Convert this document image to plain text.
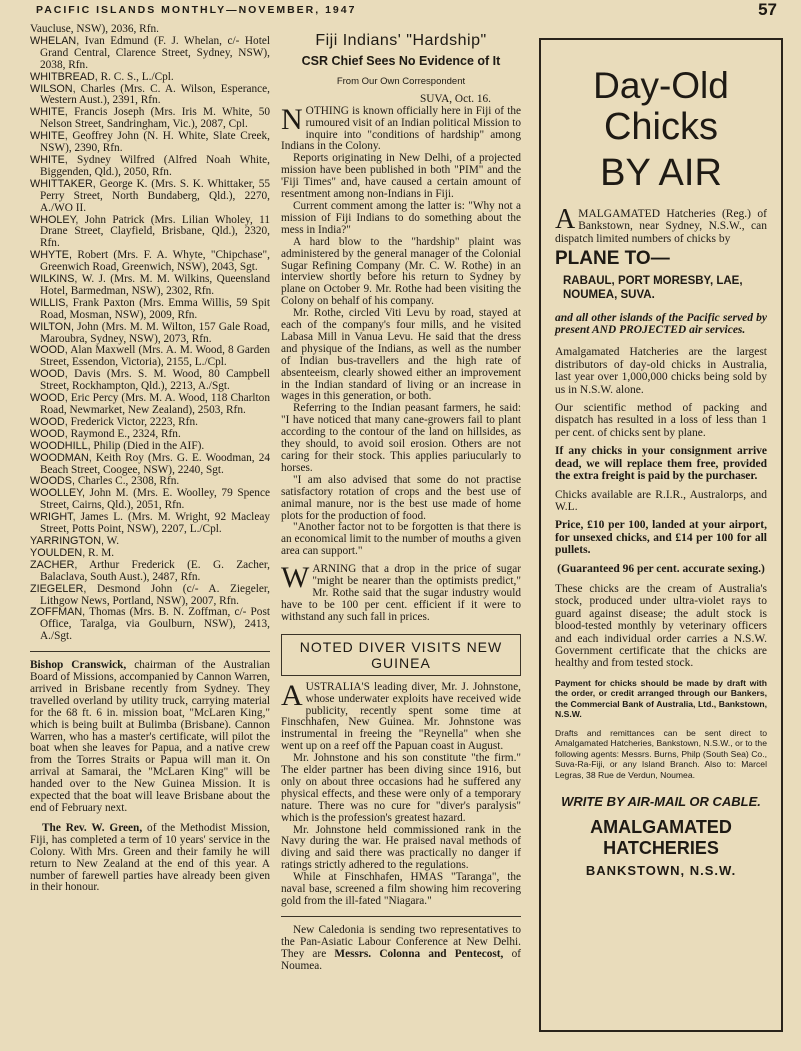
PACIFIC ISLANDS MONTHLY—NOVEMBER, 1947	57

Vaucluse, NSW), 2036, Rfn.

WHELAN, Ivan Edmund (F. J. Whelan, c/- Hotel Grand Central, Clarence Street, Sydney, NSW), 2038, Rfn.

WHITBREAD, R. C. S., L./Cpl.

WILSON, Charles (Mrs. C. A. Wilson, Esperance, Western Aust.), 2391, Rfn.

WHITE, Francis Joseph (Mrs. Iris M. White, 50 Nelson Street, Sandringham, Vic.), 2087, Cpl.

WHITE, Geoffrey John (N. H. White, Slate Creek, NSW), 2390, Rfn.

WHITE, Sydney Wilfred (Alfred Noah White, Biggenden, Qld.), 2050, Rfn.

WHITTAKER, George K. (Mrs. S. K. Whittaker, 55 Perry Street, North Bundaberg, Qld.), 2270, A./WO II.

WHOLEY, John Patrick (Mrs. Lilian Wholey, 11 Drane Street, Clayfield, Brisbane, Qld.), 2320, Rfn.

WHYTE, Robert (Mrs. F. A. Whyte, "Chipchase", Greenwich Road, Greenwich, NSW), 2043, Sgt.

WILKINS, W. J. (Mrs. M. M. Wilkins, Queensland Hotel, Barmedman, NSW), 2302, Rfn.

WILLIS, Frank Paxton (Mrs. Emma Willis, 59 Spit Road, Mosman, NSW), 2009, Rfn.

WILTON, John (Mrs. M. M. Wilton, 157 Gale Road, Maroubra, Sydney, NSW), 2073, Rfn.

WOOD, Alan Maxwell (Mrs. A. M. Wood, 8 Garden Street, Essendon, Victoria), 2155, L./Cpl.

WOOD, Davis (Mrs. S. M. Wood, 80 Campbell Street, Rockhampton, Qld.), 2213, A./Sgt.

WOOD, Eric Percy (Mrs. M. A. Wood, 118 Charlton Road, Newmarket, New Zealand), 2503, Rfn.

WOOD, Frederick Victor, 2223, Rfn.

WOOD, Raymond E., 2324, Rfn.

WOODHILL, Philip (Died in the AIF).

WOODMAN, Keith Roy (Mrs. G. E. Woodman, 24 Beach Street, Coogee, NSW), 2240, Sgt.

WOODS, Charles C., 2308, Rfn.

WOOLLEY, John M. (Mrs. E. Woolley, 79 Spence Street, Cairns, Qld.), 2051, Rfn.

WRIGHT, James L. (Mrs. M. Wright, 92 Macleay Street, Potts Point, NSW), 2207, L./Cpl.

YARRINGTON, W.

YOULDEN, R. M.

ZACHER, Arthur Frederick (E. G. Zacher, Balaclava, South Aust.), 2487, Rfn.

ZIEGELER, Desmond John (c/- A. Ziegeler, Lithgow News, Portland, NSW), 2007, Rfn.

ZOFFMAN, Thomas (Mrs. B. N. Zoffman, c/- Post Office, Taralga, via Goulburn, NSW), 2413, A./Sgt.

Bishop Cranswick, chairman of the Australian Board of Missions, accompanied by Cannon Warren, arrived in Brisbane recently from Sydney. They travelled overland by utility truck, carrying material for the 68 ft. 6 in. mission boat, "McLaren King," which is being built at Bulimba (Brisbane). Cannon Warren, who has a master's certificate, will pilot the boat when she leaves for Papua, and a native crew from the Torres Straits or Papua will man it. On arrival at Samarai, the "McLaren King" will be handed over to the New Guinea Mission. It is expected that the boat will leave Brisbane about the end of February next.

The Rev. W. Green, of the Methodist Mission, Fiji, has completed a term of 10 years' service in the Colony. With Mrs. Green and their family he will return to New Zealand at the end of this year. A number of farewell parties have already been given in their honour.

Fiji Indians' "Hardship"
CSR Chief Sees No Evidence of It
From Our Own Correspondent

SUVA, Oct. 16.

NOTHING is known officially here in Fiji of the rumoured visit of an Indian political Mission to inquire into "conditions of hardship" among Indians in the Colony.

Reports originating in New Delhi, of a projected mission have been published in both "PIM" and the 'Fiji Times" and, have caused a certain amount of resentment among non-Indians in Fiji.

Current comment among the latter is: "Why not a mission of Fiji Indians to do something about the mess in India?"

A hard blow to the "hardship" plaint was administered by the general manager of the Colonial Sugar Refining Company (Mr. C. W. Rothe) in an interview shortly before his return to Sydney by plane on October 9. Mr. Rothe had been visiting the Colony on behalf of his company.

Mr. Rothe, circled Viti Levu by road, stayed at each of the company's four mills, and he visited Labasa Mill in Vanua Levu. He said that the dress and physique of the Indians, as well as the number of Indian bus-travellers and the high rate of absenteeism, clearly showed either an improvement in the Indian standard of living or an increase in wages in this generation, or both.

Referring to the Indian peasant farmers, he said: "I have noticed that many cane-growers fail to plant according to the contour of the land on hillsides, as they should, to avoid soil erosion. Others are not caring for their stock. This applies pariucularly to horses.

"I am also advised that some do not practise satisfactory rotation of crops and the best use of animal manure, nor is the best use made of home plots for the production of food.

"Another factor not to be forgotten is that there is an economical limit to the number of mouths a given area can support."

WARNING that a drop in the price of sugar "might be nearer than the optimists predict," Mr. Rothe said that the sugar industry would have to be 100 per cent. efficient if it were to withstand any such fall in prices.

NOTED DIVER VISITS NEW GUINEA

AUSTRALIA'S leading diver, Mr. J. Johnstone, whose underwater exploits have received wide publicity, recently spent some time at Finschhafen, New Guinea. Mr. Johnstone was instrumental in freeing the "Reynella" when she went up on a reef off the Papuan coast in August.

Mr. Johnstone and his son constitute "the firm." The elder partner has been diving since 1916, but only on about three occasions had he suffered any physical effects, and these were only of a temporary nature. There was no cure for "diver's paralysis" which is the profession's greatest hazard.

Mr. Johnstone held commissioned rank in the Navy during the war. He praised naval methods of diving and said there was practically no danger if ratings strictly adhered to the regulations.

While at Finschhafen, HMAS "Taranga", the naval base, screened a film showing him recovering gold from the ill-fated "Niagara."

New Caledonia is sending two representatives to the Pan-Asiatic Labour Conference at New Delhi. They are Messrs. Colonna and Pentecost, of Noumea.

Day-Old

Chicks

BY AIR

AMALGAMATED Hatcheries (Reg.) of Bankstown, near Sydney, N.S.W., can dispatch limited numbers of chicks by

PLANE TO—
RABAUL, PORT MORESBY, LAE, NOUMEA, SUVA.

and all other islands of the Pacific served by present AND PROJECTED air services.

Amalgamated Hatcheries are the largest distributors of day-old chicks in Australia, last year over 1,000,000 chicks being sold by us in N.S.W. alone.

Our scientific method of packing and dispatch has resulted in a loss of less than 1 per cent. of chicks sent by plane.

If any chicks in your consignment arrive dead, we will replace them free, provided the extra freight is paid by the purchaser.

Chicks available are R.I.R., Australorps, and W.L.

Price, £10 per 100, landed at your airport, for unsexed chicks, and £14 per 100 for all pullets.

(Guaranteed 96 per cent. accurate sexing.)

These chicks are the cream of Australia's stock, produced under ultra-violet rays to guard against disease; the adult stock is blood-tested monthly by veterinary officers and each individual order carries a N.S.W. Government certificate that the chicks are healthy and from tested stock.

Payment for chicks should be made by draft with the order, or credit arranged through our Bankers, the Commercial Bank of Australia, Ltd., Bankstown, N.S.W.

Drafts and remittances can be sent direct to Amalgamated Hatcheries, Bankstown, N.S.W., or to the following agents: Messrs. Burns, Philp (South Sea) Co., Suva-Ra-Fiji, or any Island Branch. Also to: Marcel Legras, 38 Rue de Verdun, Noumea.

WRITE BY AIR-MAIL OR CABLE.

AMALGAMATED HATCHERIES

BANKSTOWN, N.S.W.
